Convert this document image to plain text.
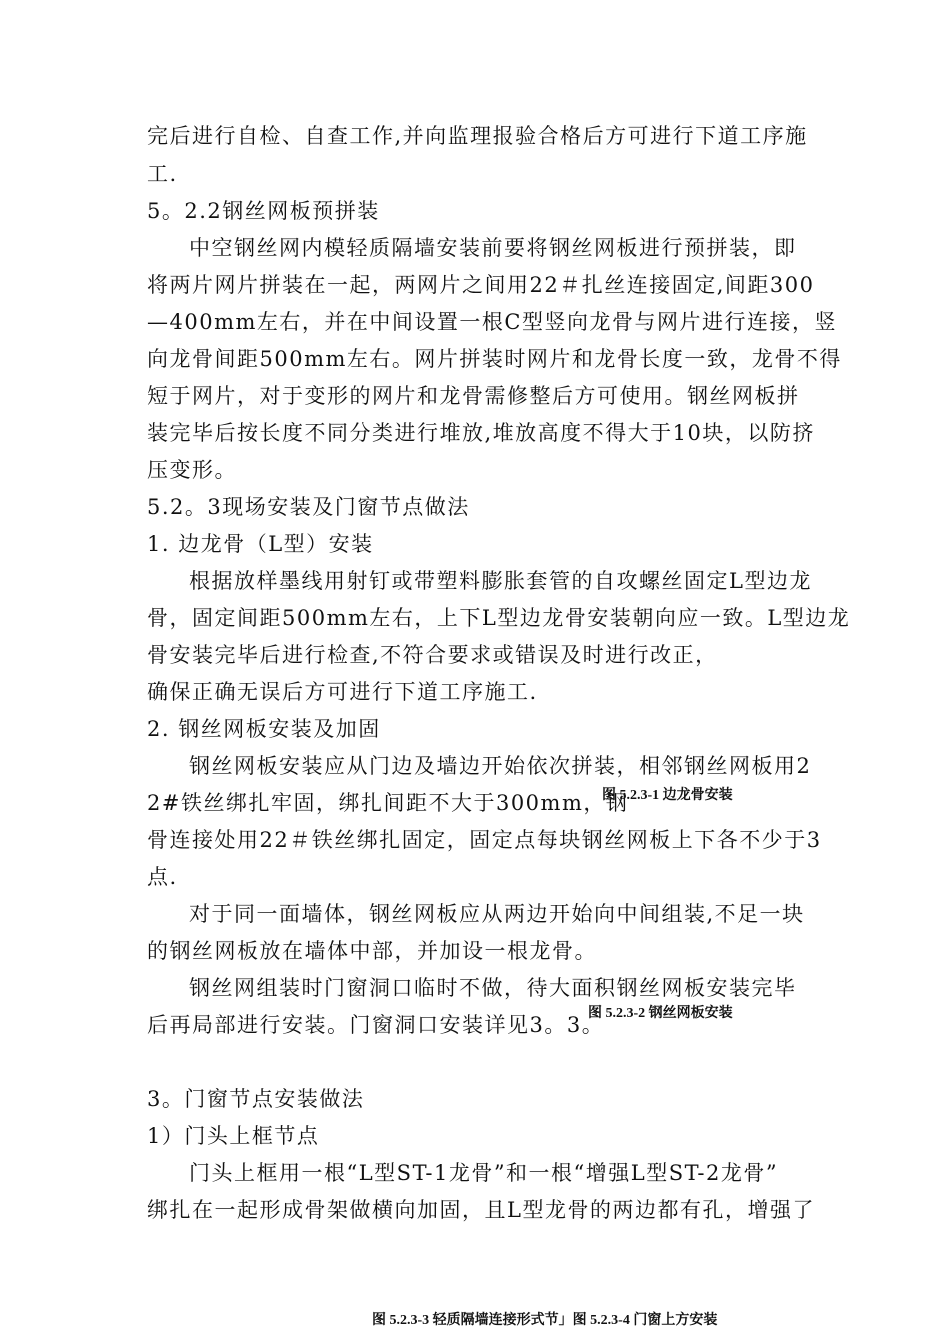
完后进行自检、自查工作,并向监理报验合格后方可进行下道工序施
工.
5。2.2钢丝网板预拼装
中空钢丝网内模轻质隔墙安装前要将钢丝网板进行预拼装，即
将两片网片拼装在一起，两网片之间用22＃扎丝连接固定,间距300
—400mm左右，并在中间设置一根C型竖向龙骨与网片进行连接，竖
向龙骨间距500mm左右。网片拼装时网片和龙骨长度一致，龙骨不得
短于网片，对于变形的网片和龙骨需修整后方可使用。钢丝网板拼
装完毕后按长度不同分类进行堆放,堆放高度不得大于10块，以防挤
压变形。
5.2。3现场安装及门窗节点做法
1. 边龙骨（L型）安装
根据放样墨线用射钉或带塑料膨胀套管的自攻螺丝固定L型边龙
骨，固定间距500mm左右，上下L型边龙骨安装朝向应一致。L型边龙
骨安装完毕后进行检查,不符合要求或错误及时进行改正，
确保正确无误后方可进行下道工序施工.
2. 钢丝网板安装及加固
钢丝网板安装应从门边及墙边开始依次拼装，相邻钢丝网板用2
2#铁丝绑扎牢固，绑扎间距不大于300mm，钢
图 5.2.3-1 边龙骨安装
骨连接处用22＃铁丝绑扎固定，固定点每块钢丝网板上下各不少于3
点.
对于同一面墙体，钢丝网板应从两边开始向中间组装,不足一块
的钢丝网板放在墙体中部，并加设一根龙骨。
钢丝网组装时门窗洞口临时不做，待大面积钢丝网板安装完毕
后再局部进行安装。门窗洞口安装详见3。3。
图 5.2.3-2 钢丝网板安装
3。门窗节点安装做法
1）门头上框节点
门头上框用一根“L型ST-1龙骨”和一根“增强L型ST-2龙骨”
绑扎在一起形成骨架做横向加固，且L型龙骨的两边都有孔，增强了
图 5.2.3-3 轻质隔墙连接形式节」图 5.2.3-4 门窗上方安装
